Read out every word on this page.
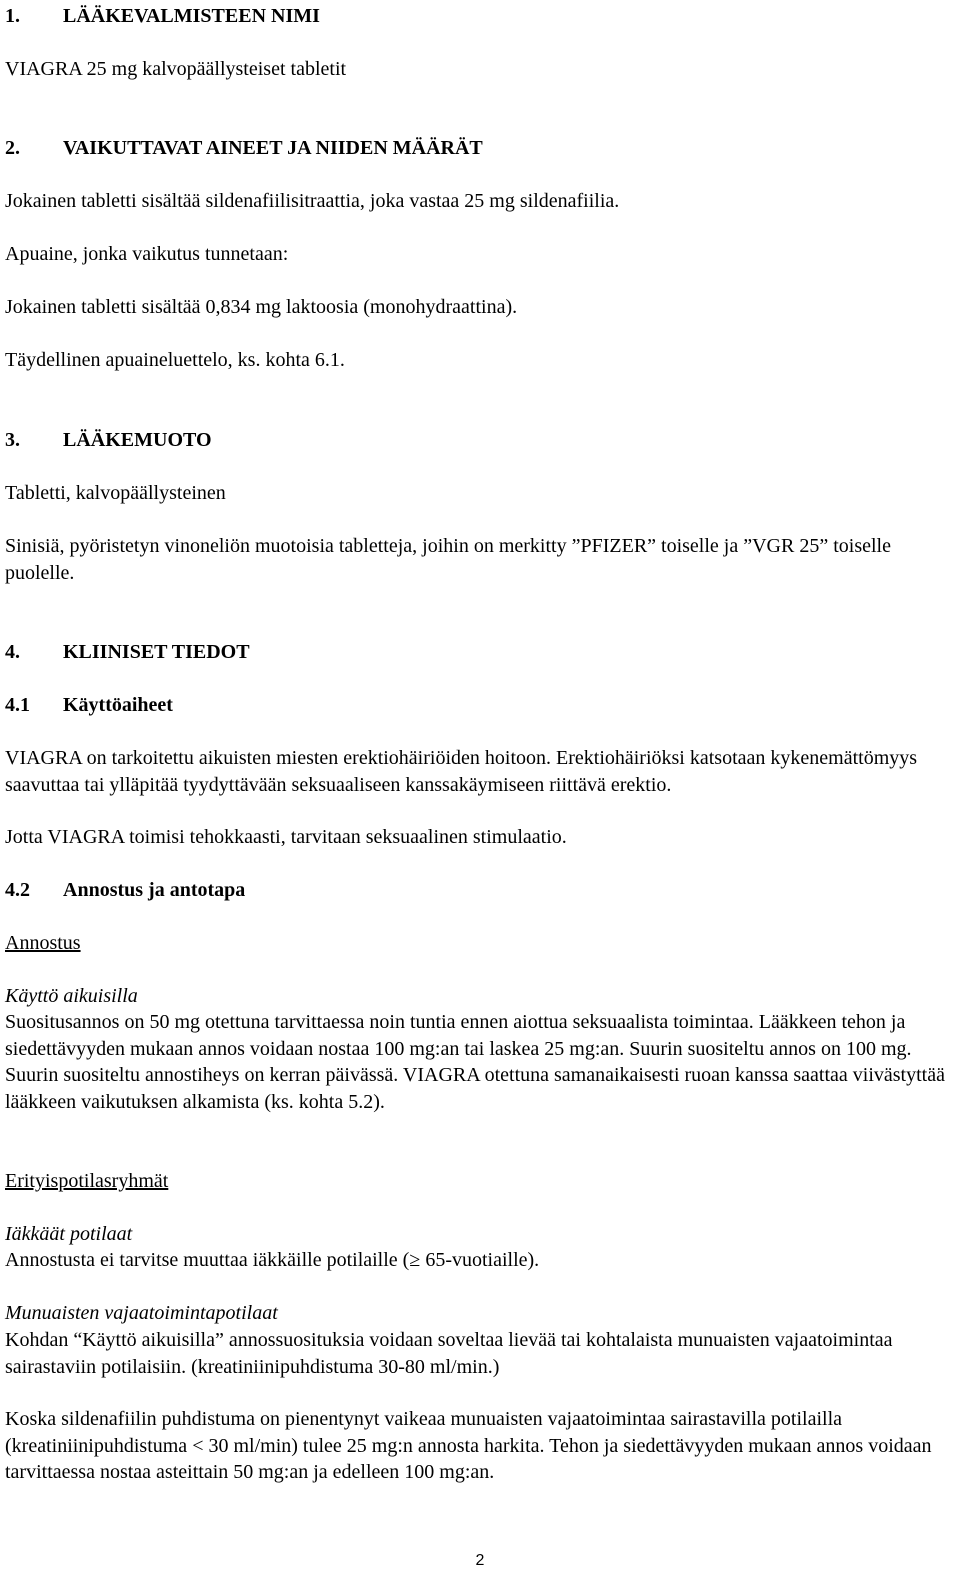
1. LÄÄKEVALMISTEEN NIMI

VIAGRA 25 mg kalvopäällysteiset tabletit

2. VAIKUTTAVAT AINEET JA NIIDEN MÄÄRÄT

Jokainen tabletti sisältää sildenafiilisitraattia, joka vastaa 25 mg sildenafiilia.

Apuaine, jonka vaikutus tunnetaan:

Jokainen tabletti sisältää 0,834 mg laktoosia (monohydraattina).

Täydellinen apuaineluettelo, ks. kohta 6.1.

3. LÄÄKEMUOTO

Tabletti, kalvopäällysteinen

Sinisiä, pyöristetyn vinoneliön muotoisia tabletteja, joihin on merkitty ”PFIZER” toiselle ja ”VGR 25” toiselle puolelle.

4. KLIINISET TIEDOT
4.1 Käyttöaiheet

VIAGRA on tarkoitettu aikuisten miesten erektiohäiriöiden hoitoon. Erektiohäiriöksi katsotaan kykenemättömyys saavuttaa tai ylläpitää tyydyttävään seksuaaliseen kanssakäymiseen riittävä erektio.

Jotta VIAGRA toimisi tehokkaasti, tarvitaan seksuaalinen stimulaatio.

4.2 Annostus ja antotapa

Annostus

Käyttö aikuisilla

Suositusannos on 50 mg otettuna tarvittaessa noin tuntia ennen aiottua seksuaalista toimintaa. Lääkkeen tehon ja siedettävyyden mukaan annos voidaan nostaa 100 mg:an tai laskea 25 mg:an. Suurin suositeltu annos on 100 mg. Suurin suositeltu annostiheys on kerran päivässä. VIAGRA otettuna samanaikaisesti ruoan kanssa saattaa viivästyttää lääkkeen vaikutuksen alkamista (ks. kohta 5.2).

Erityispotilasryhmät

Iäkkäät potilaat

Annostusta ei tarvitse muuttaa iäkkäille potilaille (≥ 65-vuotiaille).

Munuaisten vajaatoimintapotilaat

Kohdan “Käyttö aikuisilla” annossuosituksia voidaan soveltaa lievää tai kohtalaista munuaisten vajaatoimintaa sairastaviin potilaisiin. (kreatiniinipuhdistuma 30-80 ml/min.)

Koska sildenafiilin puhdistuma on pienentynyt vaikeaa munuaisten vajaatoimintaa sairastavilla potilailla (kreatiniinipuhdistuma < 30 ml/min) tulee 25 mg:n annosta harkita. Tehon ja siedettävyyden mukaan annos voidaan tarvittaessa nostaa asteittain 50 mg:an ja edelleen 100 mg:an.

2
